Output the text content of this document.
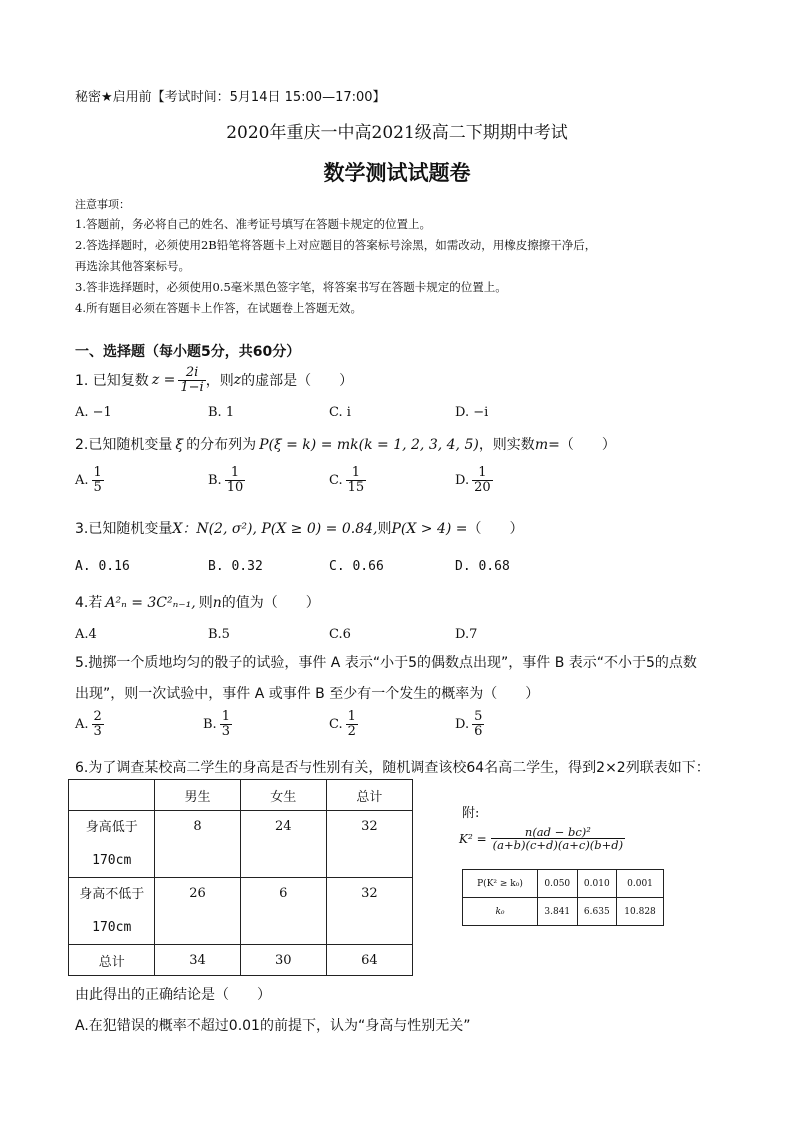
秘密★启用前【考试时间：5月14日 15:00—17:00】
2020年重庆一中高2021级高二下期期中考试
数学测试试题卷
注意事项：
1.答题前，务必将自己的姓名、准考证号填写在答题卡规定的位置上。
2.答选择题时，必须使用2B铅笔将答题卡上对应题目的答案标号涂黑，如需改动，用橡皮擦擦干净后，
再选涂其他答案标号。
3.答非选择题时，必须使用0.5毫米黑色签字笔，将答案书写在答题卡规定的位置上。
4.所有题目必须在答题卡上作答，在试题卷上答题无效。
一、选择题（每小题5分，共60分）
1. 已知复数 $z = \frac{2i}{1-i}$ ，则 z 的虚部是（　　）
A. −1	B. 1	C. i	D. −i
2.已知随机变量 ξ 的分布列为 P(ξ = k) = mk(k = 1, 2, 3, 4, 5)，则实数m=（　　）
A. $\frac{1}{5}$	B. $\frac{1}{10}$	C. $\frac{1}{15}$	D. $\frac{1}{20}$
3.已知随机变量X：N(2, σ²), P(X ≥ 0) = 0.84,则P(X > 4) =（　　）
A. 0.16	B. 0.32	C. 0.66	D. 0.68
4.若 A²ₙ = 3C²ₙ₋₁, 则n的值为（　　）
A.4	B.5	C.6	D.7
5.抛掷一个质地均匀的骰子的试验，事件 A 表示“小于5的偶数点出现”，事件 B 表示“不小于5的点数
出现”，则一次试验中，事件 A 或事件 B 至少有一个发生的概率为（　　）
A. $\frac{2}{3}$	B. $\frac{1}{3}$	C. $\frac{1}{2}$	D. $\frac{5}{6}$
6.为了调查某校高二学生的身高是否与性别有关，随机调查该校64名高二学生，得到2×2列联表如下：
	男生	女生	总计
身高低于
170cm	8	24	32
身高不低于
170cm	26	6	32
总计	34	30	64
附:
$K^2 = \frac{\text{n(ad − bc)²}}{(a+b)(c+d)(a+c)(b+d)}$
P(K² ≥ k₀)	0.050	0.010	0.001
k₀	3.841	6.635	10.828
由此得出的正确结论是（　　）
A.在犯错误的概率不超过0.01的前提下，认为“身高与性别无关”
